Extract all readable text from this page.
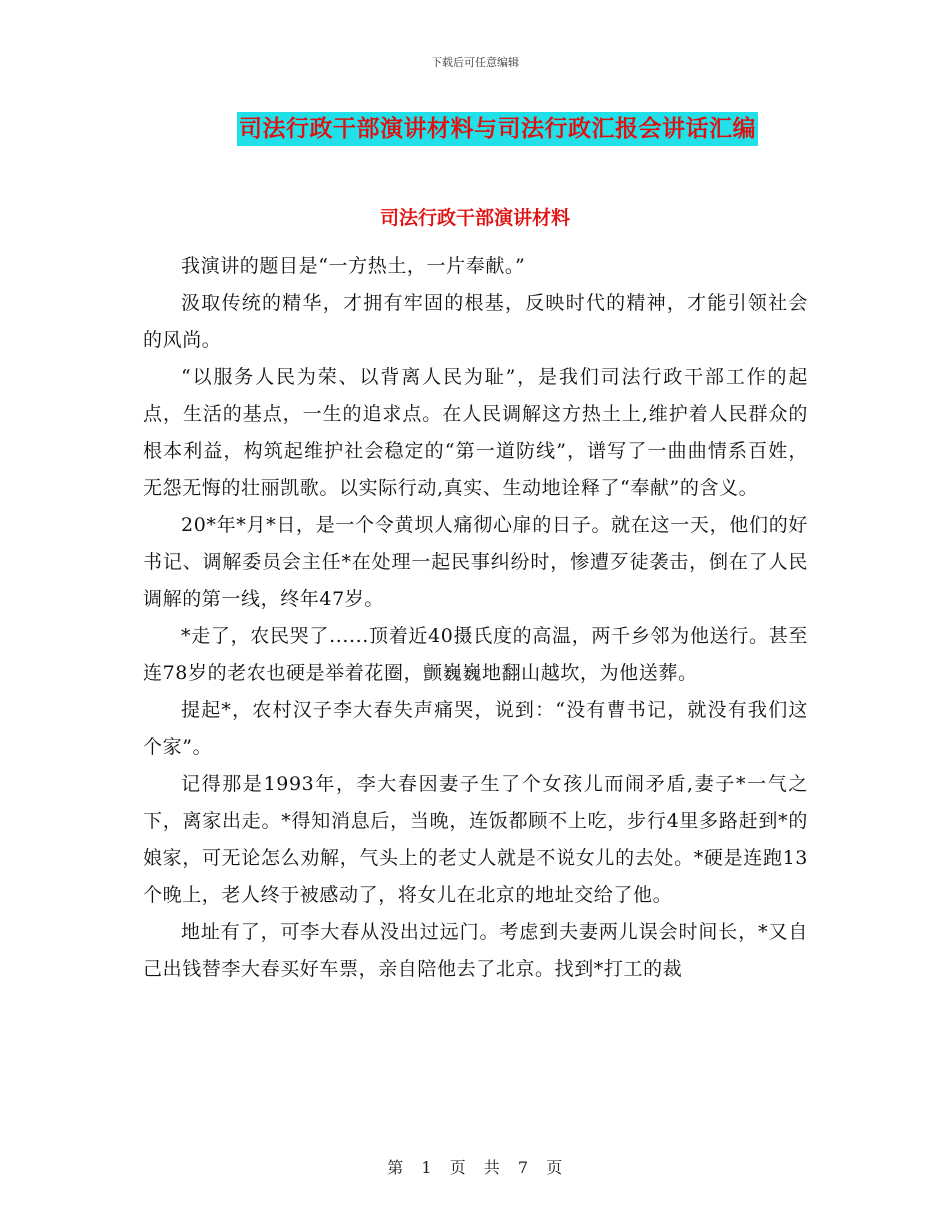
下载后可任意编辑
司法行政干部演讲材料与司法行政汇报会讲话汇编
司法行政干部演讲材料

我演讲的题目是“一方热土，一片奉献。”

汲取传统的精华，才拥有牢固的根基，反映时代的精神，才能引领社会的风尚。

“以服务人民为荣、以背离人民为耻”，是我们司法行政干部工作的起点，生活的基点，一生的追求点。在人民调解这方热土上,维护着人民群众的根本利益，构筑起维护社会稳定的“第一道防线”，谱写了一曲曲情系百姓，无怨无悔的壮丽凯歌。以实际行动,真实、生动地诠释了“奉献”的含义。

20*年*月*日，是一个令黄坝人痛彻心扉的日子。就在这一天，他们的好书记、调解委员会主任*在处理一起民事纠纷时，惨遭歹徒袭击，倒在了人民调解的第一线，终年47岁。

*走了，农民哭了......顶着近40摄氏度的高温，两千乡邻为他送行。甚至连78岁的老农也硬是举着花圈，颤巍巍地翻山越坎，为他送葬。

提起*，农村汉子李大春失声痛哭，说到：“没有曹书记，就没有我们这个家”。

记得那是1993年，李大春因妻子生了个女孩儿而闹矛盾,妻子*一气之下，离家出走。*得知消息后，当晚，连饭都顾不上吃，步行4里多路赶到*的娘家，可无论怎么劝解，气头上的老丈人就是不说女儿的去处。*硬是连跑13个晚上，老人终于被感动了，将女儿在北京的地址交给了他。

地址有了，可李大春从没出过远门。考虑到夫妻两儿误会时间长，*又自己出钱替李大春买好车票，亲自陪他去了北京。找到*打工的裁

第 1 页 共 7 页
